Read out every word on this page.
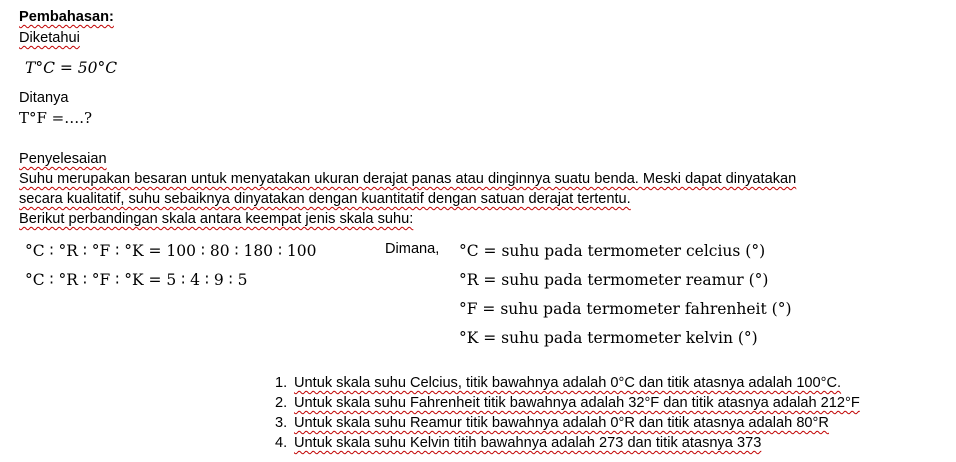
Pembahasan:
Diketahui
T°C = 50°C
Ditanya
T°F =….?
Penyelesaian
Suhu merupakan besaran untuk menyatakan ukuran derajat panas atau dinginnya suatu benda. Meski dapat dinyatakan
secara kualitatif, suhu sebaiknya dinyatakan dengan kuantitatif dengan satuan derajat tertentu.
Berikut perbandingan skala antara keempat jenis skala suhu:
°C ∶ °R ∶ °F ∶ °K = 100 ∶ 80 ∶ 180 ∶ 100
°C ∶ °R ∶ °F ∶ °K = 5 ∶ 4 ∶ 9 ∶ 5
Dimana, °C = suhu pada termometer celcius (°)
°R = suhu pada termometer reamur (°)
°F = suhu pada termometer fahrenheit (°)
°K = suhu pada termometer kelvin (°)
1. Untuk skala suhu Celcius, titik bawahnya adalah 0°C dan titik atasnya adalah 100°C.
2. Untuk skala suhu Fahrenheit titik bawahnya adalah 32°F dan titik atasnya adalah 212°F
3. Untuk skala suhu Reamur titik bawahnya adalah 0°R dan titik atasnya adalah 80°R
4. Untuk skala suhu Kelvin titih bawahnya adalah 273 dan titik atasnya 373
